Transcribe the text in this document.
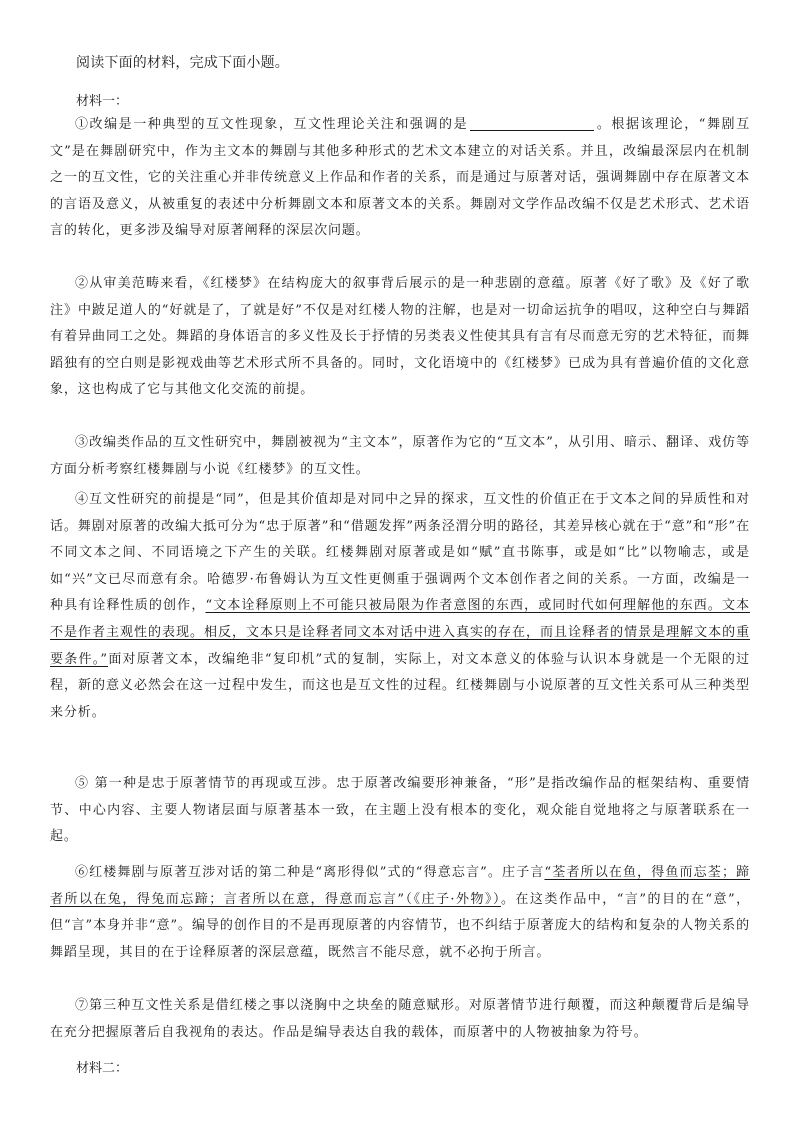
阅读下面的材料，完成下面小题。
材料一：
①改编是一种典型的互文性现象，互文性理论关注和强调的是	。根据该理论，“舞剧互文”是在舞剧研究中，作为主文本的舞剧与其他多种形式的艺术文本建立的对话关系。并且，改编最深层内在机制之一的互文性，它的关注重心并非传统意义上作品和作者的关系，而是通过与原著对话，强调舞剧中存在原著文本的言语及意义，从被重复的表述中分析舞剧文本和原著文本的关系。舞剧对文学作品改编不仅是艺术形式、艺术语言的转化，更多涉及编导对原著阐释的深层次问题。
②从审美范畴来看，《红楼梦》在结构庞大的叙事背后展示的是一种悲剧的意蕴。原著《好了歌》及《好了歌注》中跛足道人的“好就是了，了就是好”不仅是对红楼人物的注解，也是对一切命运抗争的唱叹，这种空白与舞蹈有着异曲同工之处。舞蹈的身体语言的多义性及长于抒情的另类表义性使其具有言有尽而意无穷的艺术特征，而舞蹈独有的空白则是影视戏曲等艺术形式所不具备的。同时，文化语境中的《红楼梦》已成为具有普遍价值的文化意象，这也构成了它与其他文化交流的前提。
③改编类作品的互文性研究中，舞剧被视为“主文本”，原著作为它的“互文本”，从引用、暗示、翻译、戏仿等方面分析考察红楼舞剧与小说《红楼梦》的互文性。
④互文性研究的前提是“同”，但是其价值却是对同中之异的探求，互文性的价值正在于文本之间的异质性和对话。舞剧对原著的改编大抵可分为“忠于原著”和“借题发挥”两条泾渭分明的路径，其差异核心就在于“意”和“形”在不同文本之间、不同语境之下产生的关联。红楼舞剧对原著或是如“赋”直书陈事，或是如“比”以物喻志，或是如“兴”文已尽而意有余。哈德罗·布鲁姆认为互文性更侧重于强调两个文本创作者之间的关系。一方面，改编是一种具有诠释性质的创作，“文本诠释原则上不可能只被局限为作者意图的东西，或同时代如何理解他的东西。文本不是作者主观性的表现。相反，文本只是诠释者同文本对话中进入真实的存在，而且诠释者的情景是理解文本的重要条件。”面对原著文本，改编绝非“复印机”式的复制，实际上，对文本意义的体验与认识本身就是一个无限的过程，新的意义必然会在这一过程中发生，而这也是互文性的过程。红楼舞剧与小说原著的互文性关系可从三种类型来分析。
⑤ 第一种是忠于原著情节的再现或互涉。忠于原著改编要形神兼备，“形”是指改编作品的框架结构、重要情节、中心内容、主要人物诸层面与原著基本一致，在主题上没有根本的变化，观众能自觉地将之与原著联系在一起。
⑥红楼舞剧与原著互涉对话的第二种是“离形得似”式的“得意忘言”。庄子言“荃者所以在鱼，得鱼而忘荃；蹄者所以在兔，得兔而忘蹄；言者所以在意，得意而忘言”（《庄子·外物》）。在这类作品中，“言”的目的在“意”，但“言”本身并非“意”。编导的创作目的不是再现原著的内容情节，也不纠结于原著庞大的结构和复杂的人物关系的舞蹈呈现，其目的在于诠释原著的深层意蕴，既然言不能尽意，就不必拘于所言。
⑦第三种互文性关系是借红楼之事以浇胸中之块垒的随意赋形。对原著情节进行颠覆，而这种颠覆背后是编导在充分把握原著后自我视角的表达。作品是编导表达自我的载体，而原著中的人物被抽象为符号。
材料二：
